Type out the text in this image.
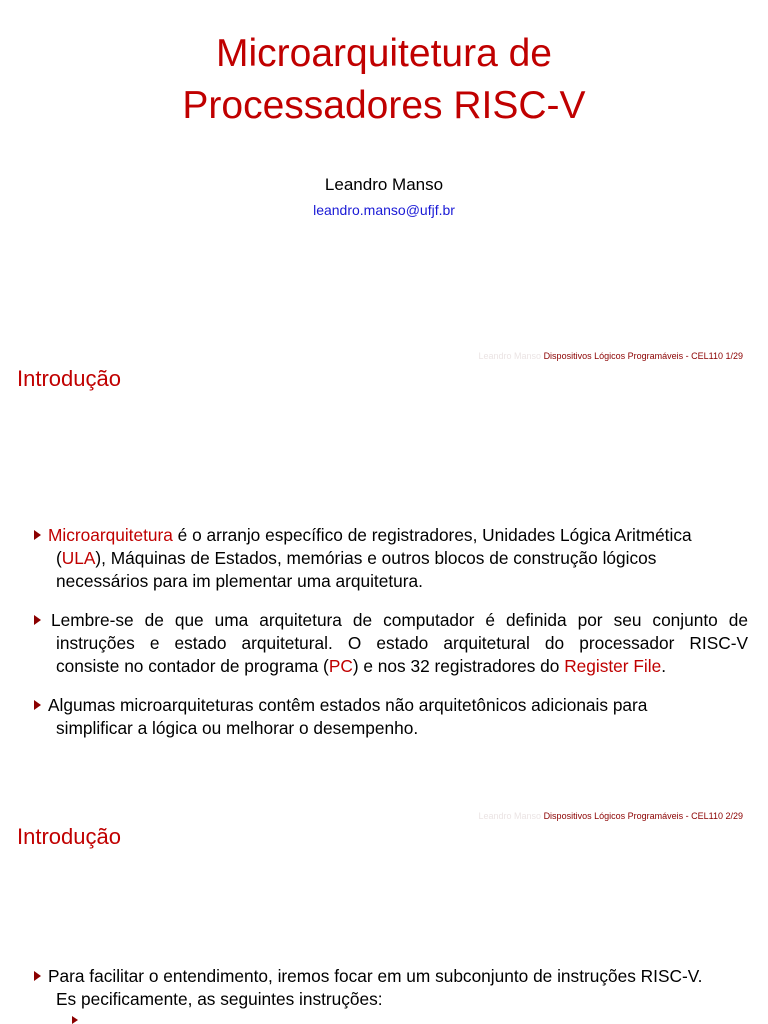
Microarquitetura de
Processadores RISC-V
Leandro Manso
leandro.manso@ufjf.br
Leandro Manso Dispositivos Lógicos Programáveis - CEL110 1/29
Introdução
Microarquitetura é o arranjo específico de registradores, Unidades Lógica Aritmética
(ULA), Máquinas de Estados, memórias e outros blocos de construção lógicos
necessários para im plementar uma arquitetura.
Lembre-se de que uma arquitetura de computador é definida por seu conjunto de
instruções e estado arquitetural. O estado arquitetural do processador RISC-V
consiste no contador de programa (PC) e nos 32 registradores do Register File.
Algumas microarquiteturas contêm estados não arquitetônicos adicionais para
simplificar a lógica ou melhorar o desempenho.
Leandro Manso Dispositivos Lógicos Programáveis - CEL110 2/29
Introdução
Para facilitar o entendimento, iremos focar em um subconjunto de instruções RISC-V.
Es pecificamente, as seguintes instruções:
